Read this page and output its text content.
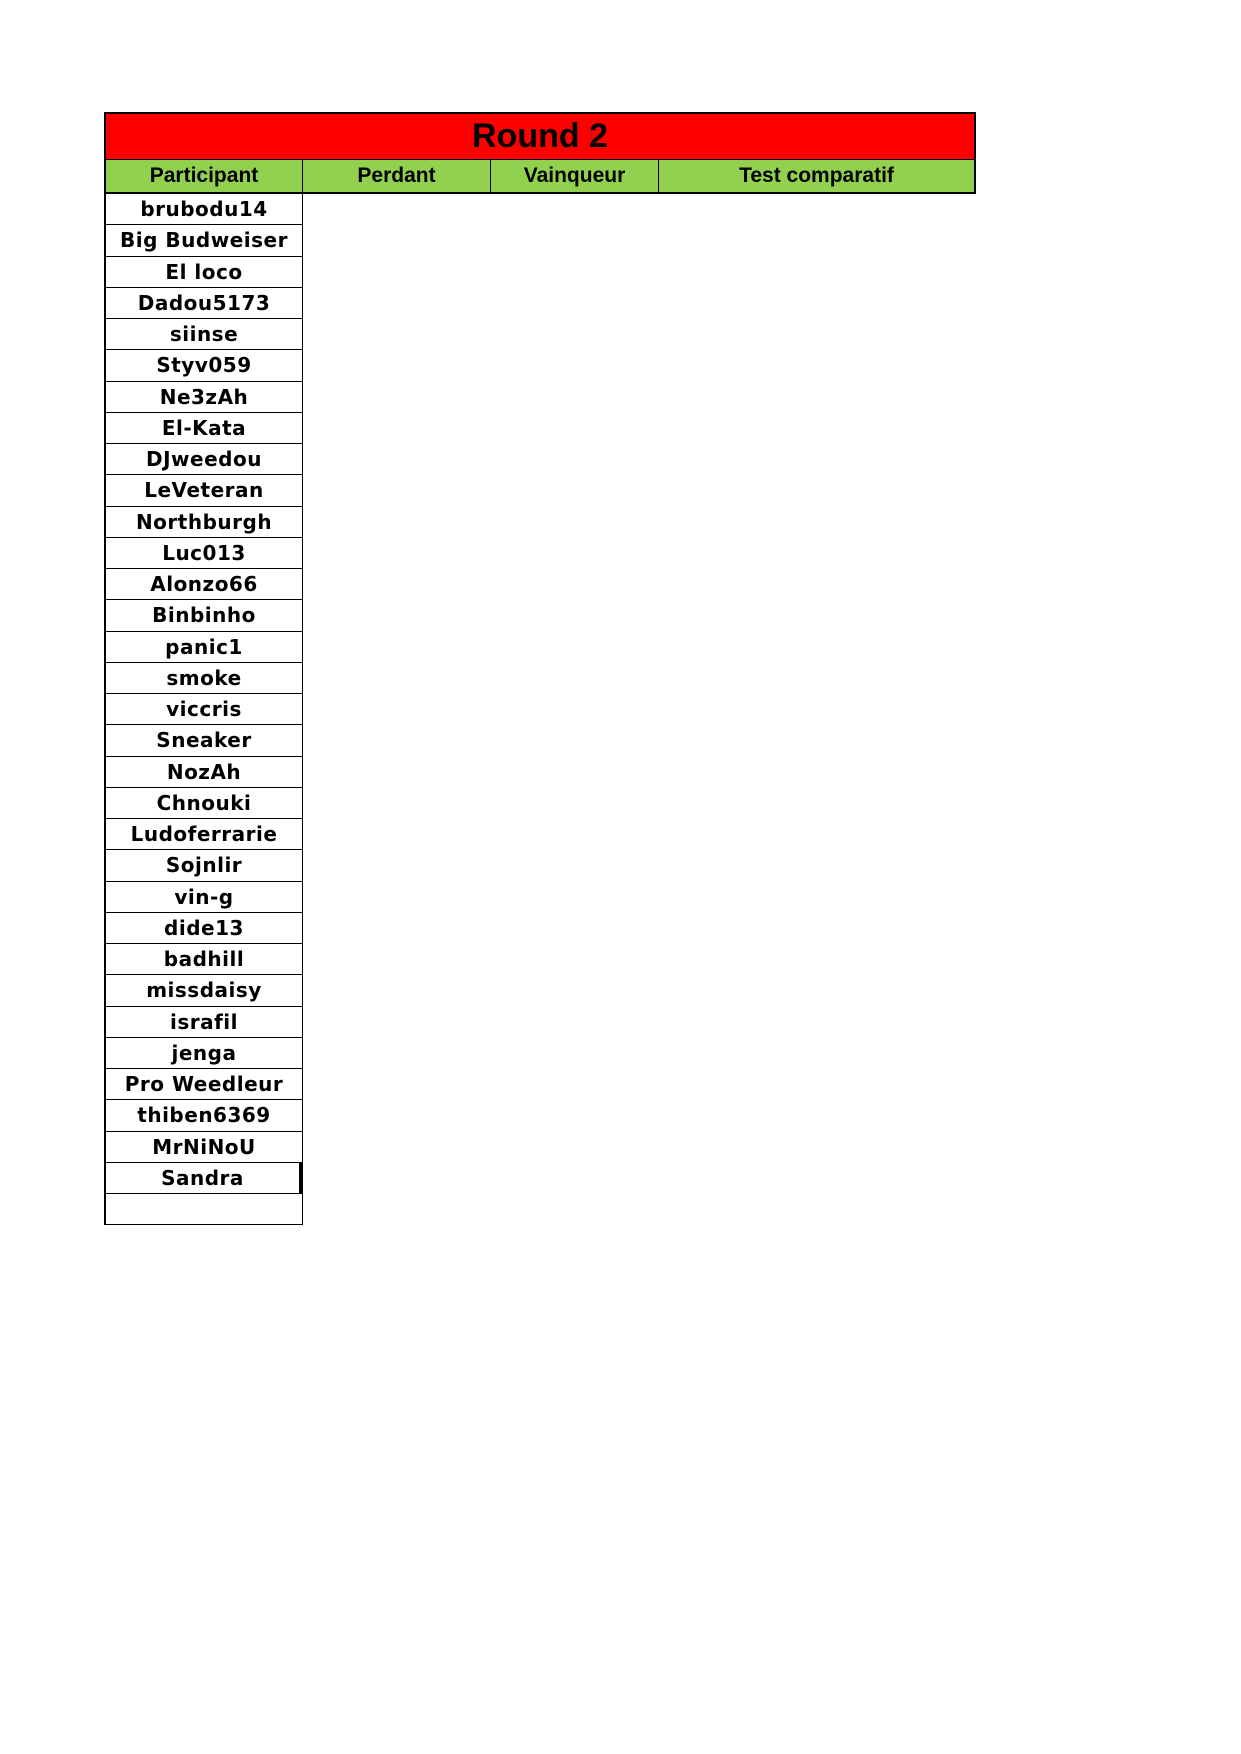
Round 2
Participant	Perdant	Vainqueur	Test comparatif
brubodu14
Big Budweiser
El loco
Dadou5173
siinse
Styv059
Ne3zAh
El-Kata
DJweedou
LeVeteran
Northburgh
Luc013
Alonzo66
Binbinho
panic1
smoke
viccris
Sneaker
NozAh
Chnouki
Ludoferrarie
Sojnlir
vin-g
dide13
badhill
missdaisy
israfil
jenga
Pro Weedleur
thiben6369
MrNiNoU
Sandra
